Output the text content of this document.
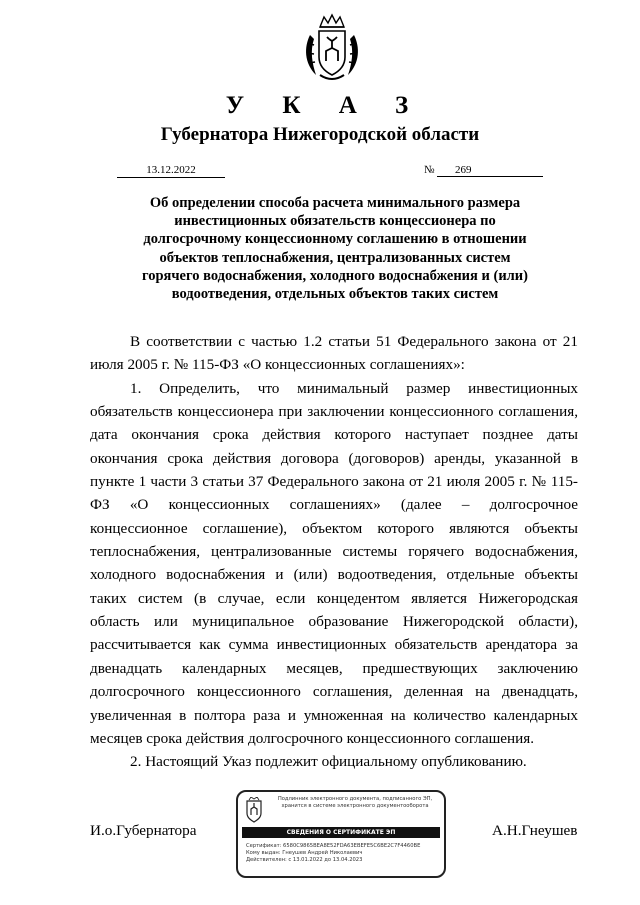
У К А З
Губернатора Нижегородской области
13.12.2022	№	269
Об определении способа расчета минимального размера
инвестиционных обязательств концессионера по
долгосрочному концессионному соглашению в отношении
объектов теплоснабжения, централизованных систем
горячего водоснабжения, холодного водоснабжения и (или)
водоотведения, отдельных объектов таких систем

В соответствии с частью 1.2 статьи 51 Федерального закона от 21 июля 2005 г. № 115-ФЗ «О концессионных соглашениях»:

1. Определить, что минимальный размер инвестиционных обязательств концессионера при заключении концессионного соглашения, дата окончания срока действия которого наступает позднее даты окончания срока действия договора (договоров) аренды, указанной в пункте 1 части 3 статьи 37 Федерального закона от 21 июля 2005 г. № 115-ФЗ «О концессионных соглашениях» (далее – долгосрочное концессионное соглашение), объектом которого являются объекты теплоснабжения, централизованные системы горячего водоснабжения, холодного водоснабжения и (или) водоотведения, отдельные объекты таких систем (в случае, если концедентом является Нижегородская область или муниципальное образование Нижегородской области), рассчитывается как сумма инвестиционных обязательств арендатора за двенадцать календарных месяцев, предшествующих заключению долгосрочного концессионного соглашения, деленная на двенадцать, увеличенная в полтора раза и умноженная на количество календарных месяцев срока действия долгосрочного концессионного соглашения.

2. Настоящий Указ подлежит официальному опубликованию.

И.о.Губернатора	А.Н.Гнеушев
Подлинник электронного документа, подписанного ЭП,
хранится в системе электронного документооборота
СВЕДЕНИЯ О СЕРТИФИКАТЕ ЭП
Сертификат: 6580C9865BEA8E52FDA63EBEFE5C6BE2C7F4460BE
Кому выдан: Гнеушев Андрей Николаевич
Действителен: с 13.01.2022 до 13.04.2023
